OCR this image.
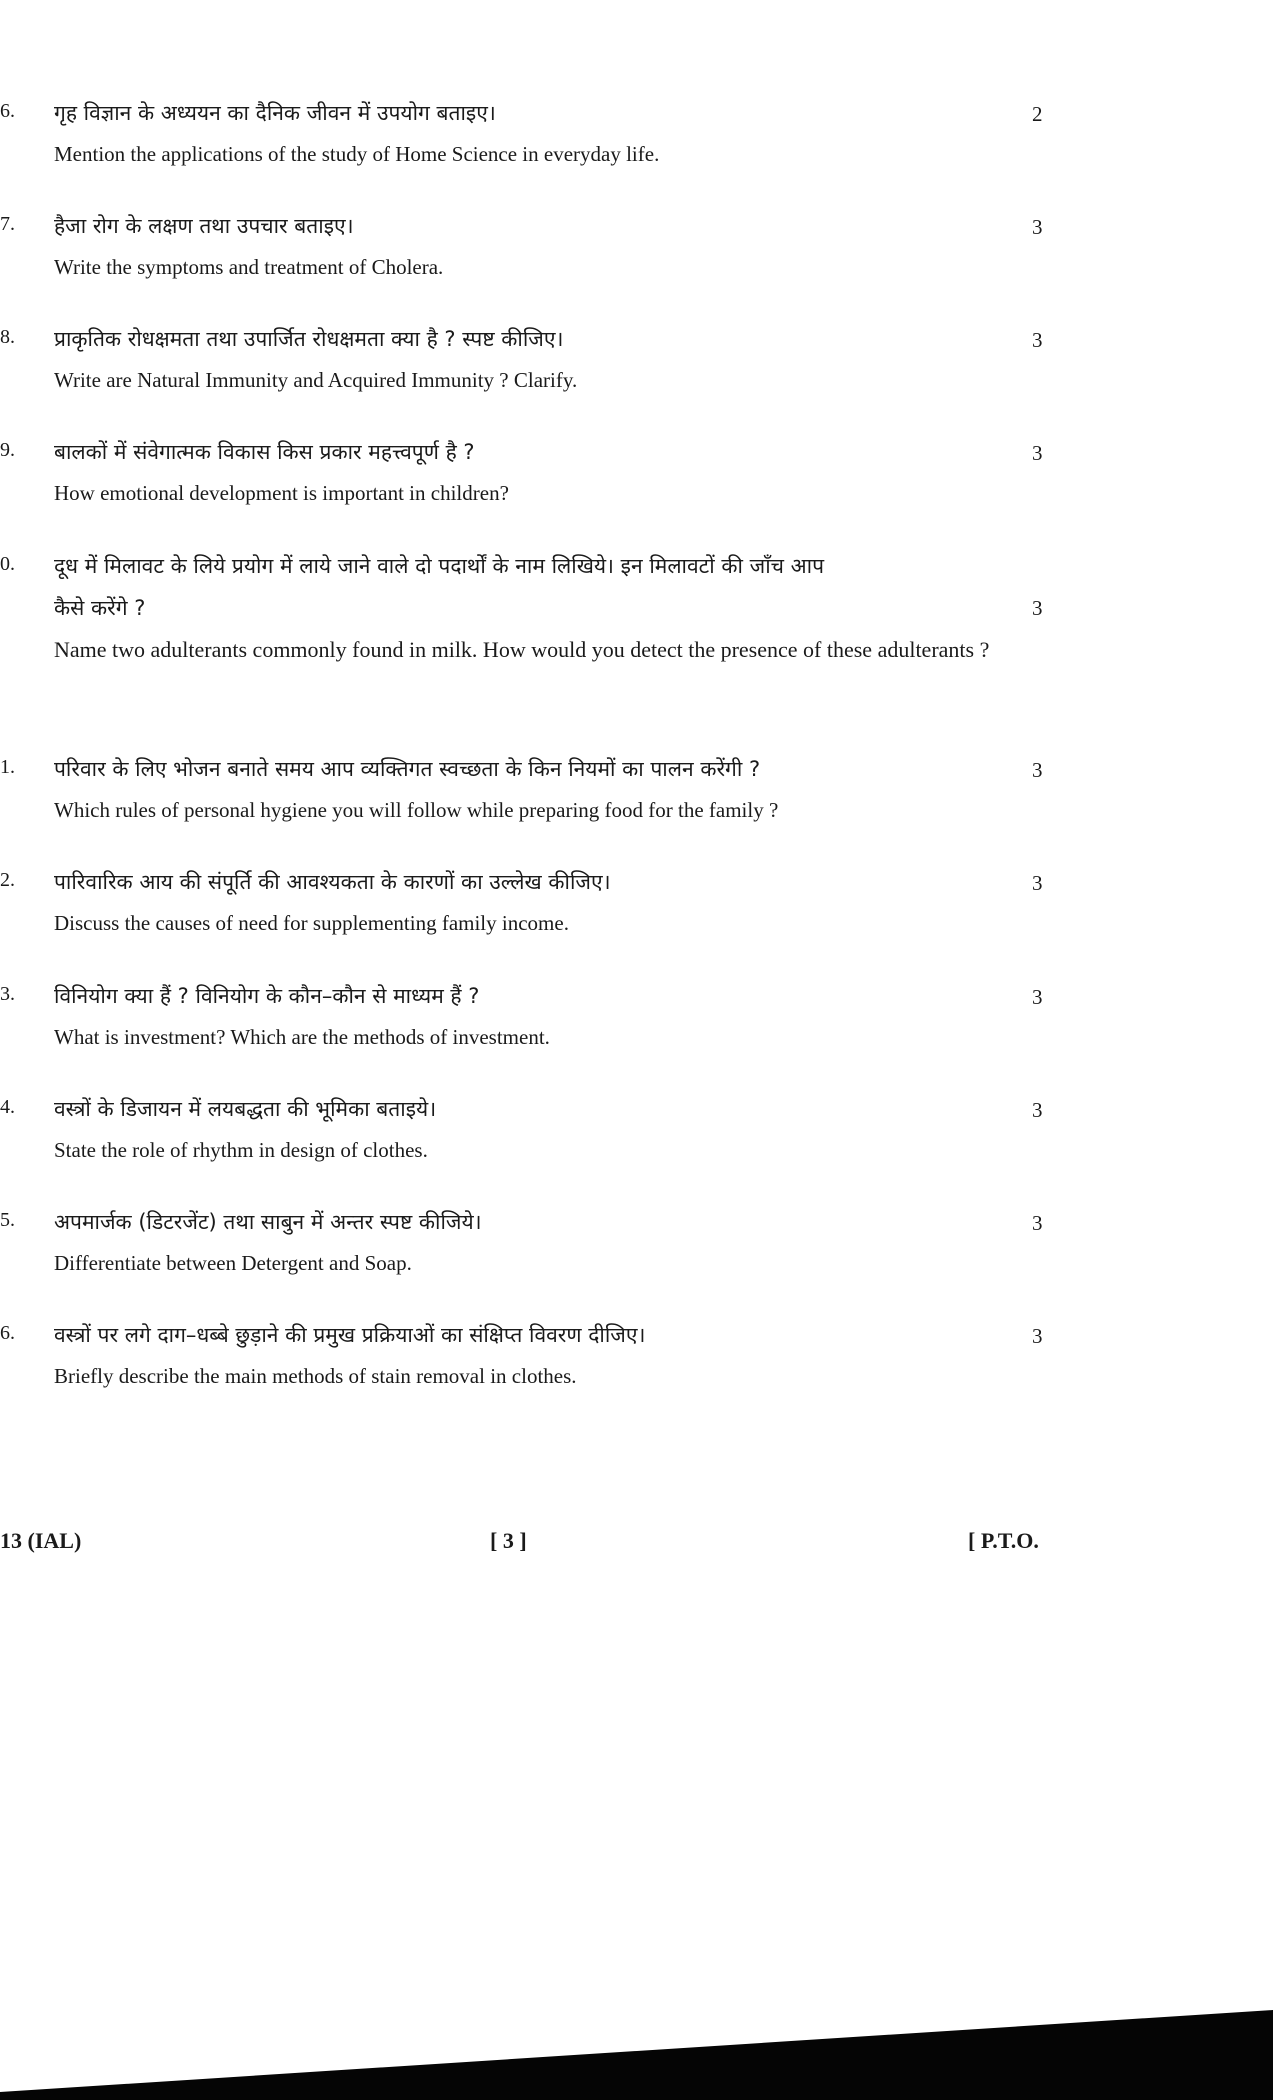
6. गृह विज्ञान के अध्ययन का दैनिक जीवन में उपयोग बताइए।	2
Mention the applications of the study of Home Science in everyday life.
7. हैजा रोग के लक्षण तथा उपचार बताइए।	3
Write the symptoms and treatment of Cholera.
8. प्राकृतिक रोधक्षमता तथा उपार्जित रोधक्षमता क्या है ? स्पष्ट कीजिए।	3
Write are Natural Immunity and Acquired Immunity ? Clarify.
9. बालकों में संवेगात्मक विकास किस प्रकार महत्त्वपूर्ण है ?	3
How emotional development is important in children?
0. दूध में मिलावट के लिये प्रयोग में लाये जाने वाले दो पदार्थों के नाम लिखिये। इन मिलावटों की जाँच आप
कैसे करेंगे ?	3
Name two adulterants commonly found in milk. How would you detect the presence of these adulterants ?
1. परिवार के लिए भोजन बनाते समय आप व्यक्तिगत स्वच्छता के किन नियमों का पालन करेंगी ?	3
Which rules of personal hygiene you will follow while preparing food for the family ?
2. पारिवारिक आय की संपूर्ति की आवश्यकता के कारणों का उल्लेख कीजिए।	3
Discuss the causes of need for supplementing family income.
3. विनियोग क्या हैं ? विनियोग के कौन–कौन से माध्यम हैं ?	3
What is investment? Which are the methods of investment.
4. वस्त्रों के डिजायन में लयबद्धता की भूमिका बताइये।	3
State the role of rhythm in design of clothes.
5. अपमार्जक (डिटरजेंट) तथा साबुन में अन्तर स्पष्ट कीजिये।	3
Differentiate between Detergent and Soap.
6. वस्त्रों पर लगे दाग–धब्बे छुड़ाने की प्रमुख प्रक्रियाओं का संक्षिप्त विवरण दीजिए।	3
Briefly describe the main methods of stain removal in clothes.
13 (IAL)	[ 3 ]	[ P.T.O.
